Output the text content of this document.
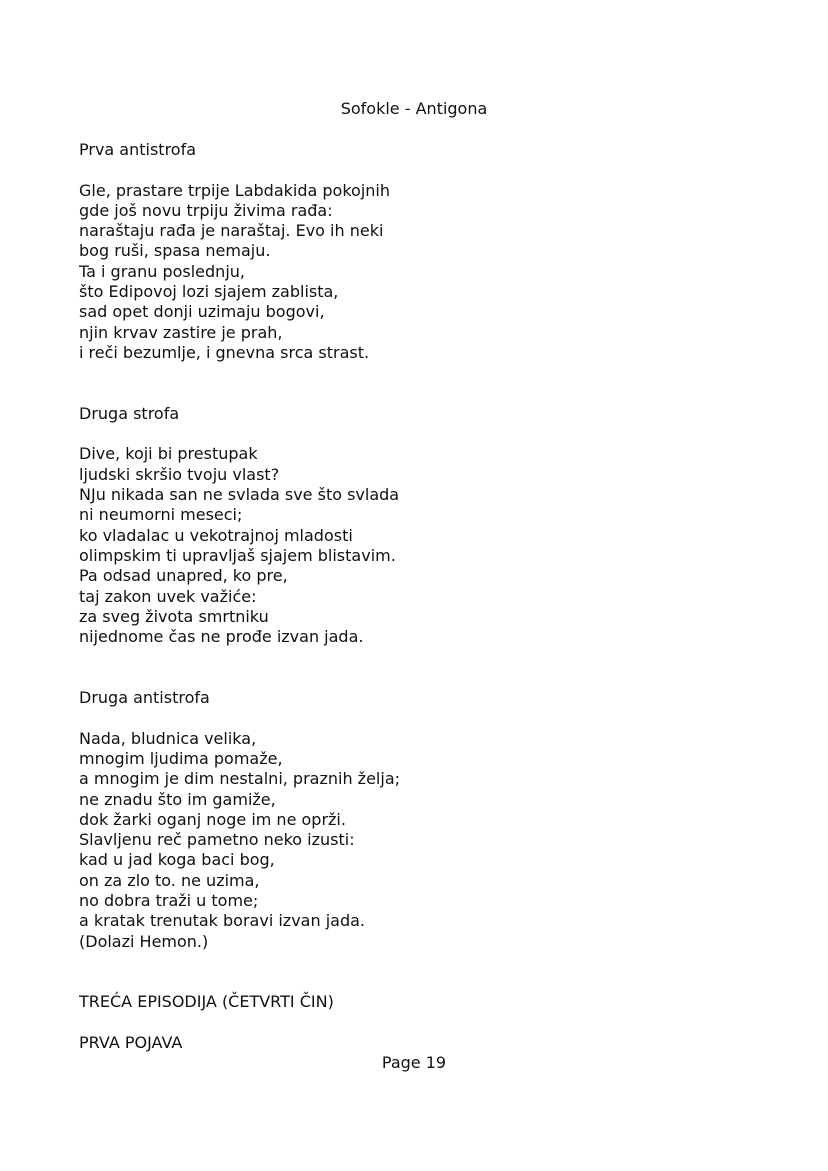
Sofokle - Antigona
Prva antistrofa
Gle, prastare trpije Labdakida pokojnih
gde još novu trpiju živima rađa:
naraštaju rađa je naraštaj. Evo ih neki
bog ruši, spasa nemaju.
Ta i granu poslednju,
što Edipovoj lozi sjajem zablista,
sad opet donji uzimaju bogovi,
njin krvav zastire je prah,
i reči bezumlje, i gnevna srca strast.
Druga strofa
Dive, koji bi prestupak
ljudski skršio tvoju vlast?
NJu nikada san ne svlada sve što svlada
ni neumorni meseci;
ko vladalac u vekotrajnoj mladosti
olimpskim ti upravljaš sjajem blistavim.
Pa odsad unapred, ko pre,
taj zakon uvek važiće:
za sveg života smrtniku
nijednome čas ne prođe izvan jada.
Druga antistrofa
Nada, bludnica velika,
mnogim ljudima pomaže,
a mnogim je dim nestalni, praznih želja;
ne znadu što im gamiže,
dok žarki oganj noge im ne oprži.
Slavljenu reč pametno neko izusti:
kad u jad koga baci bog,
on za zlo to. ne uzima,
no dobra traži u tome;
a kratak trenutak boravi izvan jada.
(Dolazi Hemon.)
TREĆA EPISODIJA (ČETVRTI ČIN)
PRVA POJAVA
Page 19
